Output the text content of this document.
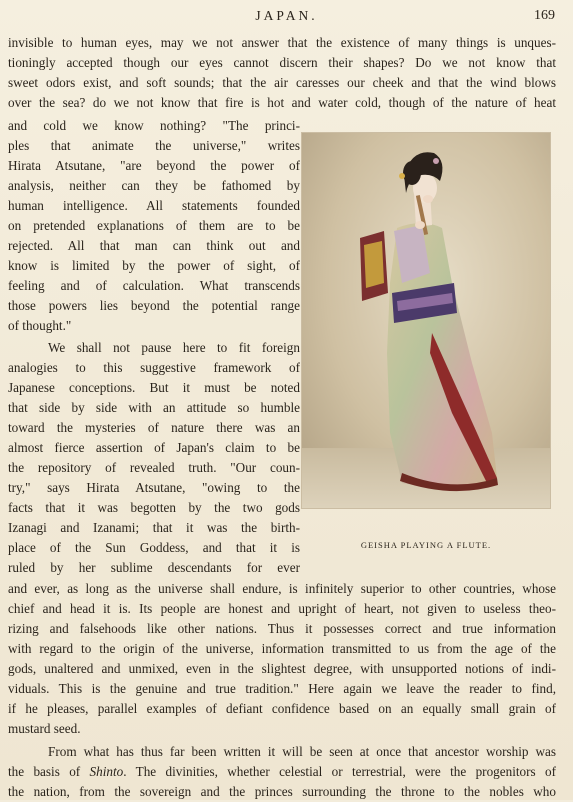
JAPAN.	169
invisible to human eyes, may we not answer that the existence of many things is unques-
tioningly accepted though our eyes cannot discern their shapes? Do we not know that
sweet odors exist, and soft sounds; that the air caresses our cheek and that the wind blows
over the sea? do we not know that fire is hot and water cold, though of the nature of heat
and cold we know nothing? "The princi-
ples that animate the universe," writes
Hirata Atsutane, "are beyond the power of
analysis, neither can they be fathomed by
human intelligence. All statements founded
on pretended explanations of them are to be
rejected. All that man can think out and
know is limited by the power of sight, of
feeling and of calculation. What transcends
those powers lies beyond the potential range
of thought."
We shall not pause here to fit foreign
analogies to this suggestive framework of
Japanese conceptions. But it must be noted
that side by side with an attitude so humble
toward the mysteries of nature there was an
almost fierce assertion of Japan's claim to be
the repository of revealed truth. "Our coun-
try," says Hirata Atsutane, "owing to the
facts that it was begotten by the two gods
Izanagi and Izanami; that it was the birth-
place of the Sun Goddess, and that it is
ruled by her sublime descendants for ever
and ever, as long as the universe shall endure, is infinitely superior to other countries, whose
chief and head it is. Its people are honest and upright of heart, not given to useless theo-
rizing and falsehoods like other nations. Thus it possesses correct and true information
with regard to the origin of the universe, information transmitted to us from the age of the
gods, unaltered and unmixed, even in the slightest degree, with unsupported notions of indi-
viduals. This is the genuine and true tradition." Here again we leave the reader to find,
if he pleases, parallel examples of defiant confidence based on an equally small grain of
mustard seed.
From what has thus far been written it will be seen at once that ancestor worship was
the basis of Shinto. The divinities, whether celestial or terrestrial, were the progenitors of
the nation, from the sovereign and the princes surrounding the throne to the nobles who
GEISHA PLAYING A FLUTE.
